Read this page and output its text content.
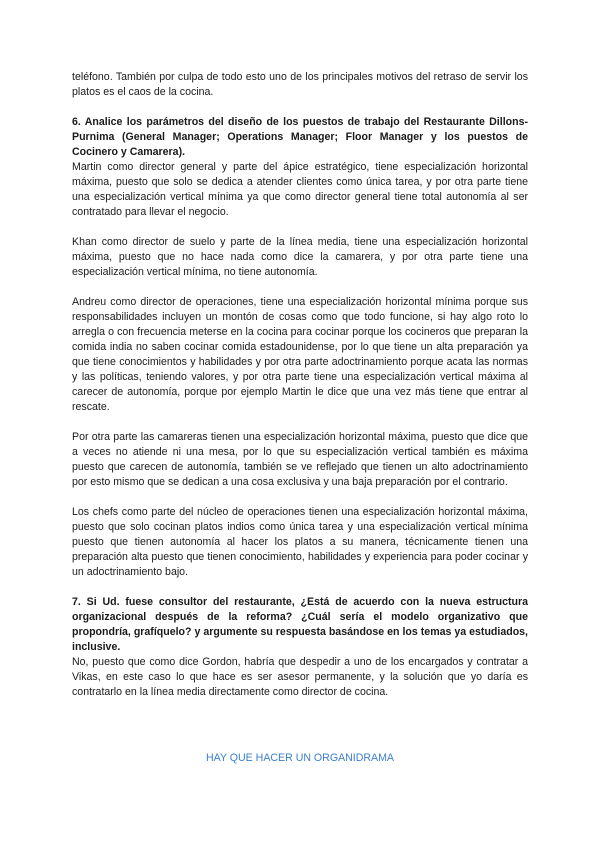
teléfono. También por culpa de todo esto uno de los principales motivos del retraso de servir los platos es el caos de la cocina.

6. Analice los parámetros del diseño de los puestos de trabajo del Restaurante Dillons-Purnima (General Manager; Operations Manager; Floor Manager y los puestos de Cocinero y Camarera).

Martin como director general y parte del ápice estratégico, tiene especialización horizontal máxima, puesto que solo se dedica a atender clientes como única tarea, y por otra parte tiene una especialización vertical mínima ya que como director general tiene total autonomía al ser contratado para llevar el negocio.

Khan como director de suelo y parte de la línea media, tiene una especialización horizontal máxima, puesto que no hace nada como dice la camarera, y por otra parte tiene una especialización vertical mínima, no tiene autonomía.

Andreu como director de operaciones, tiene una especialización horizontal mínima porque sus responsabilidades incluyen un montón de cosas como que todo funcione, si hay algo roto lo arregla o con frecuencia meterse en la cocina para cocinar porque los cocineros que preparan la comida india no saben cocinar comida estadounidense, por lo que tiene un alta preparación ya que tiene conocimientos y habilidades y por otra parte adoctrinamiento porque acata las normas y las políticas, teniendo valores, y por otra parte tiene una especialización vertical máxima al carecer de autonomía, porque por ejemplo Martin le dice que una vez más tiene que entrar al rescate.

Por otra parte las camareras tienen una especialización horizontal máxima, puesto que dice que a veces no atiende ni una mesa, por lo que su especialización vertical también es máxima puesto que carecen de autonomía, también se ve reflejado que tienen un alto adoctrinamiento por esto mismo que se dedican a una cosa exclusiva y una baja preparación por el contrario.

Los chefs como parte del núcleo de operaciones tienen una especialización horizontal máxima, puesto que solo cocinan platos indios como única tarea y una especialización vertical mínima puesto que tienen autonomía al hacer los platos a su manera, técnicamente tienen una preparación alta puesto que tienen conocimiento, habilidades y experiencia para poder cocinar y un adoctrinamiento bajo.

7. Si Ud. fuese consultor del restaurante, ¿Está de acuerdo con la nueva estructura organizacional después de la reforma? ¿Cuál sería el modelo organizativo que propondría, grafíquelo? y argumente su respuesta basándose en los temas ya estudiados, inclusive.

No, puesto que como dice Gordon, habría que despedir a uno de los encargados y contratar a Vikas, en este caso lo que hace es ser asesor permanente, y la solución que yo daría es contratarlo en la línea media directamente como director de cocina.

HAY QUE HACER UN ORGANIDRAMA
